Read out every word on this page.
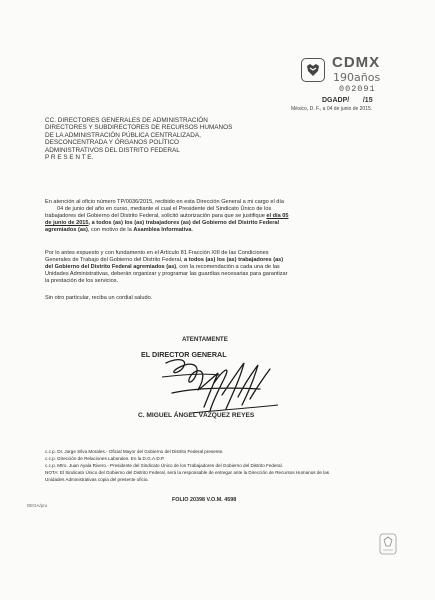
CDMX
190años
002091
DGADP/ /15
México, D. F., a 04 de junio de 2015.
CC. DIRECTORES GENERALES DE ADMINISTRACIÓN
DIRECTORES Y SUBDIRECTORES DE RECURSOS HUMANOS
DE LA ADMINISTRACIÓN PÚBLICA CENTRALIZADA,
DESCONCENTRADA Y ÓRGANOS POLÍTICO
ADMINISTRATIVOS DEL DISTRITO FEDERAL
P R E S E N T E.
En atención al oficio número TP/0036/2015, recibido en esta Dirección General a mi cargo el día
04 de junio del año en curso, mediante el cual el Presidente del Sindicato Único de los
trabajadores del Gobierno del Distrito Federal, solicitó autorización para que se justifique el día 05
de junio de 2015, a todos (as) los (as) trabajadores (as) del Gobierno del Distrito Federal
agremiados (as), con motivo de la Asamblea Informativa.
Por lo antes expuesto y con fundamento en el Artículo 81 Fracción XIII de las Condiciones
Generales de Trabajo del Gobierno del Distrito Federal, a todos (as) los (as) trabajadores (as)
del Gobierno del Distrito Federal agremiados (as), con la recomendación a cada una de las
Unidades Administrativas, deberán organizar y programar las guardias necesarias para garantizar
la prestación de los servicios.
Sin otro particular, reciba un cordial saludo.
ATENTAMENTE
EL DIRECTOR GENERAL
C. MIGUEL ÁNGEL VÁZQUEZ REYES
c.c.p. Dr. Jorge Silva Morales.- Oficial Mayor del Gobierno del Distrito Federal presente.
c.c.p. Dirección de Relaciones Laborales. En la D.G.A.D.P.
c.c.p. Mtro. Juan Ayala Rivero.- Presidente del Sindicato Único de los Trabajadores del Gobierno del Distrito Federal.
NOTA: El Sindicato Único del Gobierno del Distrito Federal, será la responsable de entregar ante la Dirección de Recursos Humanos de las
Unidades Administrativas copia del presente oficio.
DEGA/pru
FOLIO 20398 V.O.M. 4598
